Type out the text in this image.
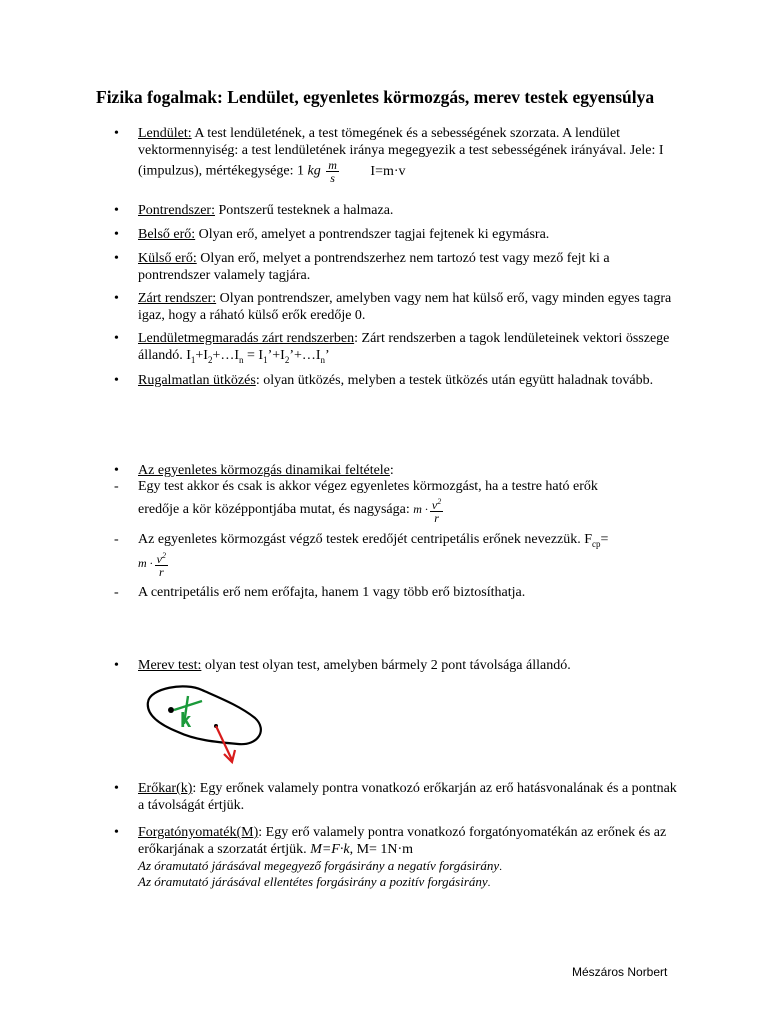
Fizika fogalmak: Lendület, egyenletes körmozgás, merev testek egyensúlya
• Lendület: A test lendületének, a test tömegének és a sebességének szorzata. A lendület vektormennyiség: a test lendületének iránya megegyezik a test sebességének irányával. Jele: I (impulzus), mértékegysége: 1 kg $\frac{m}{s} I=m\cdot v$
• Pontrendszer: Pontszerű testeknek a halmaza.
• Belső erő: Olyan erő, amelyet a pontrendszer tagjai fejtenek ki egymásra.
• Külső erő: Olyan erő, melyet a pontrendszerhez nem tartozó test vagy mező fejt ki a pontrendszer valamely tagjára.
• Zárt rendszer: Olyan pontrendszer, amelyben vagy nem hat külső erő, vagy minden egyes tagra igaz, hogy a ráható külső erők eredője 0.
• Lendületmegmaradás zárt rendszerben: Zárt rendszerben a tagok lendületeinek vektori összege állandó. $I_1+I_2+\dots I_n$ = $I_1’+I_2’+\dots I_n$’
• Rugalmatlan ütközés: olyan ütközés, melyben a testek ütközés után együtt haladnak tovább.
• Az egyenletes körmozgás dinamikai feltétele:
- Egy test akkor és csak is akkor végez egyenletes körmozgást, ha a testre ható erők
eredője a kör középpontjába mutat, és nagysága: $m \cdot \frac{v^2}{r}$
- Az egyenletes körmozgást végző testek eredőjét centripetális erőnek nevezzük. $F_{cp}=$
$m \cdot \frac{v^2}{r}$
- A centripetális erő nem erőfajta, hanem 1 vagy több erő biztosíthatja.
• Merev test: olyan test olyan test, amelyben bármely 2 pont távolsága állandó.
k
• Erőkar(k): Egy erőnek valamely pontra vonatkozó erőkarján az erő hatásvonalának és a pontnak a távolságát értjük.
• Forgatónyomaték(M): Egy erő valamely pontra vonatkozó forgatónyomatékán az erőnek és az erőkarjának a szorzatát értjük. M=F·k, M= 1N·m
Az óramutató járásával megegyező forgásirány a negatív forgásirány.
Az óramutató járásával ellentétes forgásirány a pozitív forgásirány.
Mészáros Norbert
